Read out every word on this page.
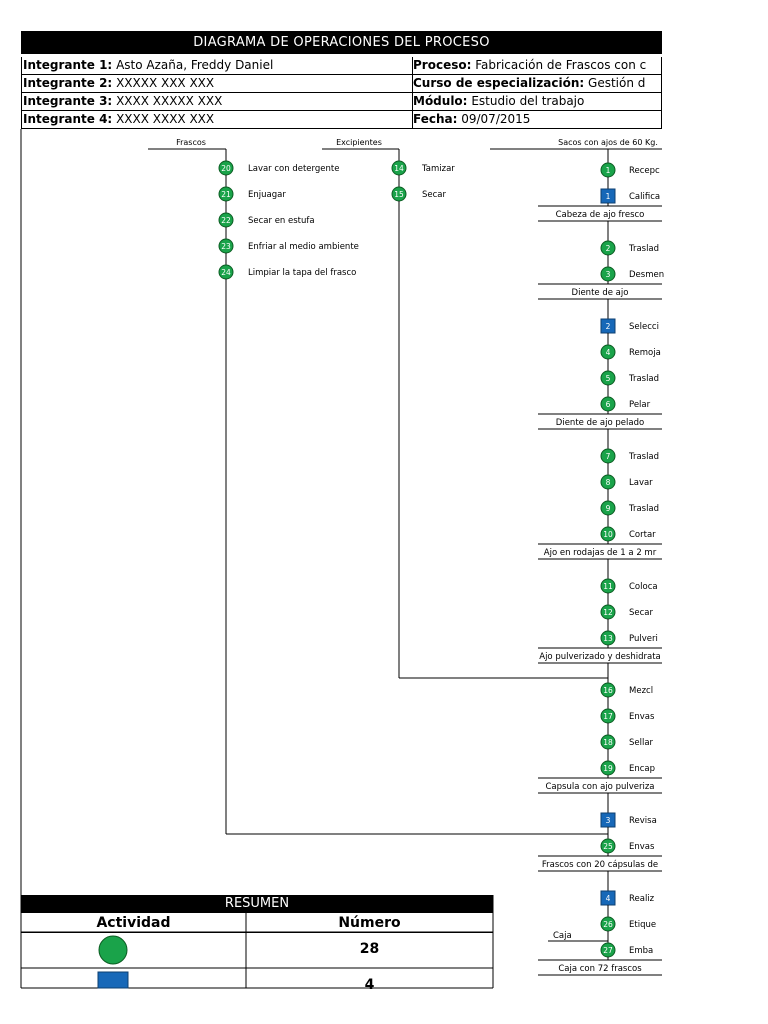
DIAGRAMA DE OPERACIONES DEL PROCESO
Integrante 1: Asto Azaña, Freddy Daniel	Proceso: Fabricación de Frascos con c
Integrante 2: XXXXX XXX XXX	Curso de especialización: Gestión d
Integrante 3: XXXX XXXXX XXX	Módulo: Estudio del trabajo
Integrante 4: XXXX XXXX XXX	Fecha: 09/07/2015
Sacos con ajos de 60 Kg.
1 Recepc
1 Califica
Cabeza de ajo fresco
2 Traslad
3 Desmen
Diente de ajo
2 Selecci
4 Remoja
5 Traslad
6 Pelar
Diente de ajo pelado
7 Traslad
8 Lavar
9 Traslad
10 Cortar
Ajo en rodajas de 1 a 2 mr
11 Coloca
12 Secar
13 Pulveri
Ajo pulverizado y deshidrata
16 Mezcl
17 Envas
18 Sellar
19 Encap
Capsula con ajo pulveriza
3 Revisa
25 Envas
Frascos con 20 cápsulas de
4 Realiz
26 Etique
27 Emba
Caja con 72 frascos
Excipientes
14 Tamizar
15 Secar
Frascos
20 Lavar con detergente
21 Enjuagar
22 Secar en estufa
23 Enfriar al medio ambiente
24 Limpiar la tapa del frasco
Caja
RESUMEN
Actividad	Número
28
4
